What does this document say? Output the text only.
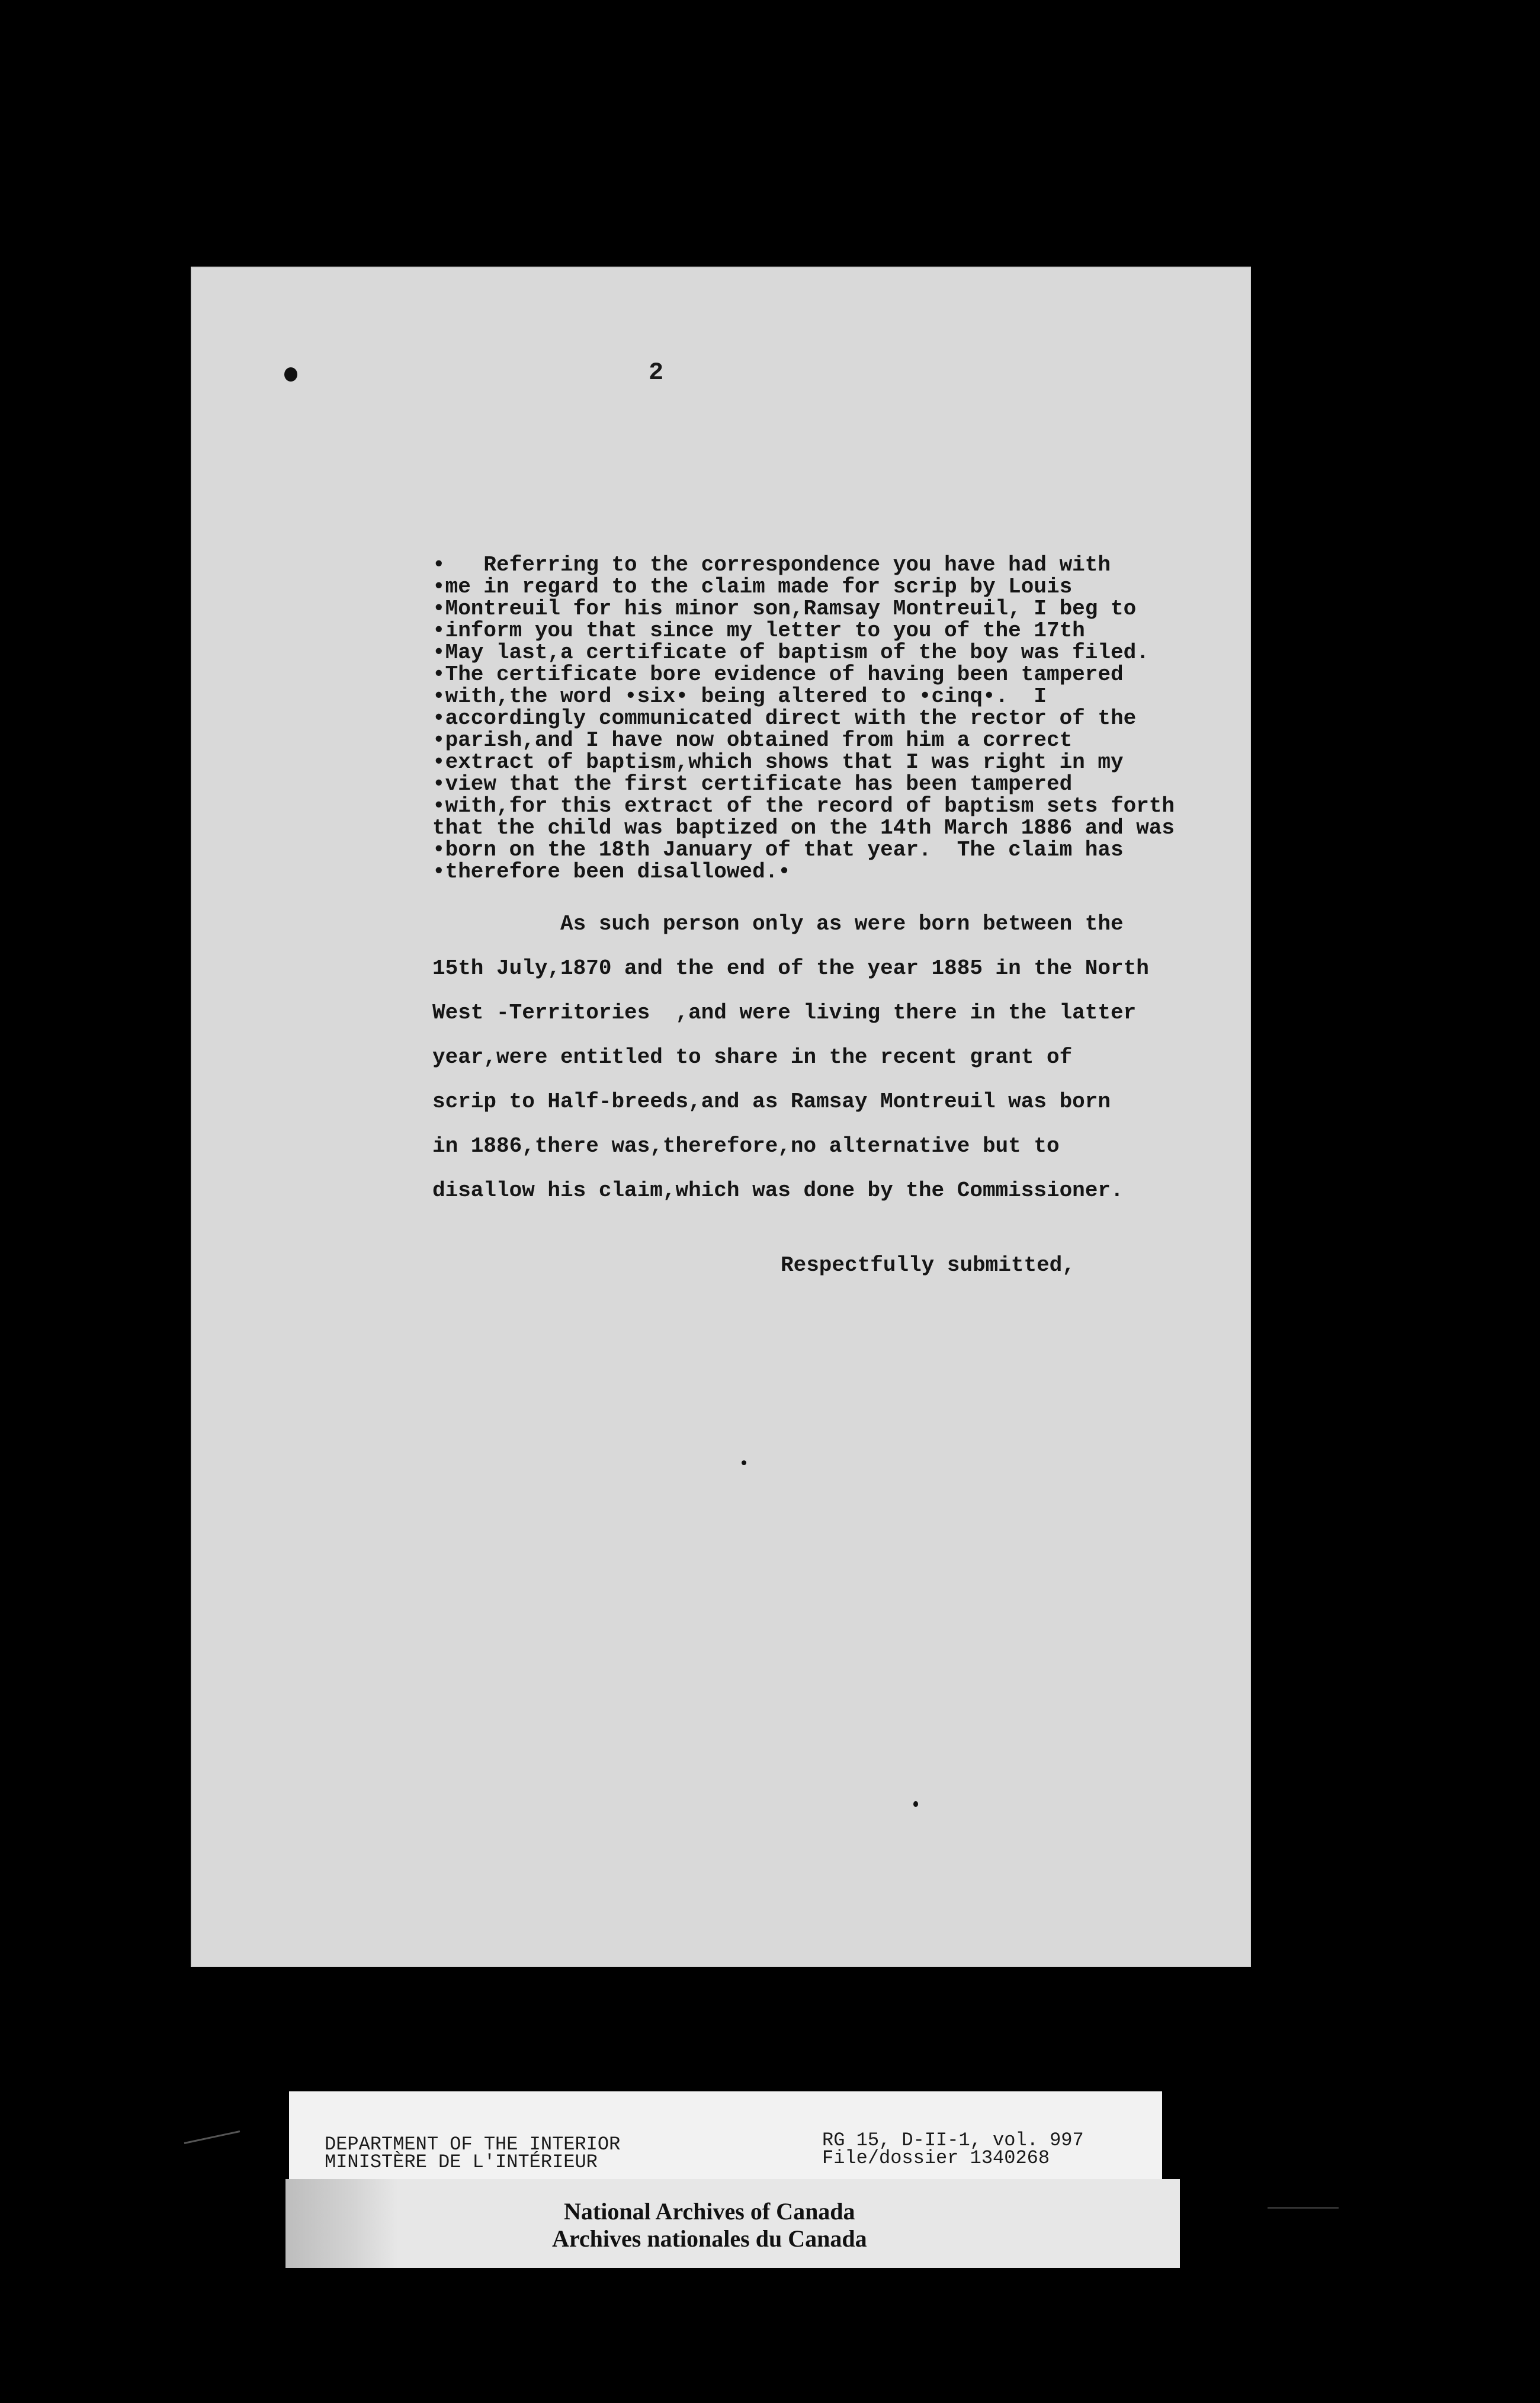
2

•   Referring to the correspondence you have had with

•me in regard to the claim made for scrip by Louis

•Montreuil for his minor son,Ramsay Montreuil, I beg to

•inform you that since my letter to you of the 17th

•May last,a certificate of baptism of the boy was filed.

•The certificate bore evidence of having been tampered

•with,the word •six• being altered to •cinq•.  I

•accordingly communicated direct with the rector of the

•parish,and I have now obtained from him a correct

•extract of baptism,which shows that I was right in my

•view that the first certificate has been tampered

•with,for this extract of the record of baptism sets forth

that the child was baptized on the 14th March 1886 and was

•born on the 18th January of that year.  The claim has

•therefore been disallowed.•

As such person only as were born between the

15th July,1870 and the end of the year 1885 in the North

West -Territories  ,and were living there in the latter

year,were entitled to share in the recent grant of

scrip to Half-breeds,and as Ramsay Montreuil was born

in 1886,there was,therefore,no alternative but to

disallow his claim,which was done by the Commissioner.

Respectfully submitted,
DEPARTMENT OF THE INTERIOR
MINISTÈRE DE L'INTÉRIEUR
RG 15, D-II-1, vol. 997
File/dossier 1340268
National Archives of Canada
Archives nationales du Canada
